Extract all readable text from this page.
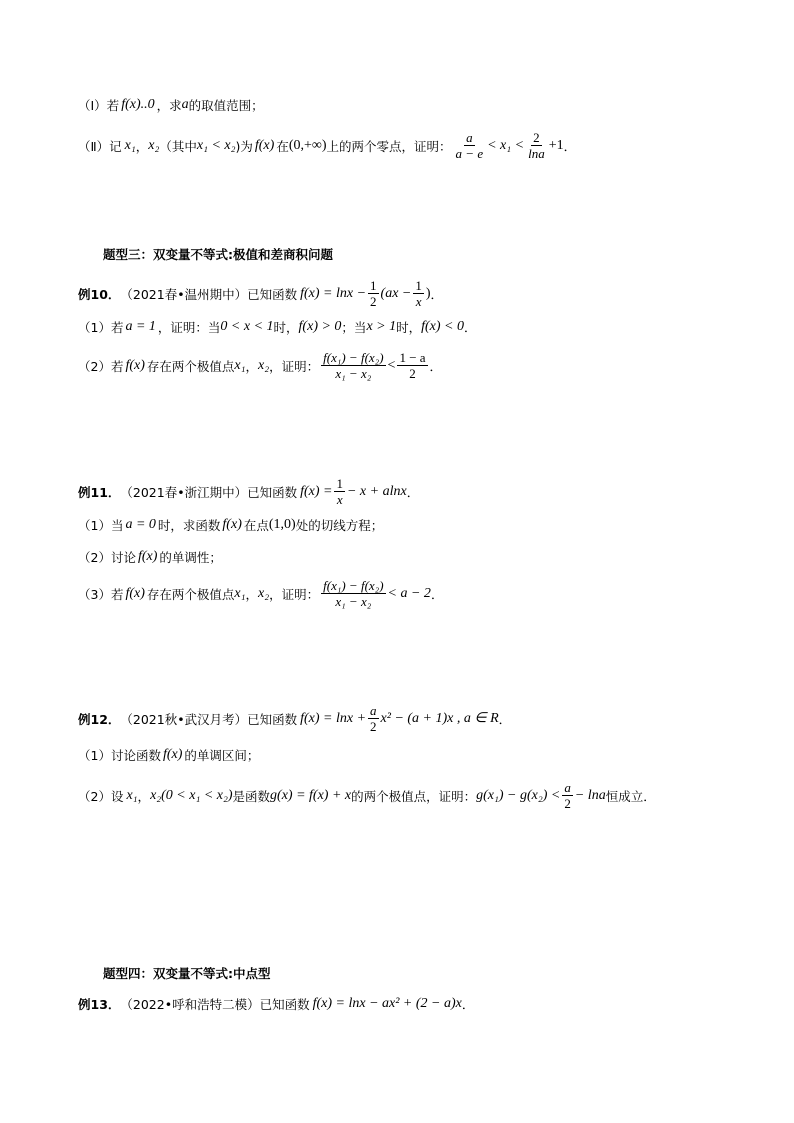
（Ⅰ）若 f(x)..0 ，求 a 的取值范围；
（Ⅱ）记 x₁ ， x₂ （其中 x₁ < x₂ )为 f(x) 在 (0,+∞) 上的两个零点，证明： $\frac{a}{a - e} < x_1 < \frac{2}{\ln a} +1$ ．
题型三：双变量不等式:极值和差商积问题
例10． （2021春•温州期中）已知函数 $f(x) = \ln x - \frac{1}{2} (ax - \frac{1}{x}$ ) ．
（1）若 a = 1 ，证明：当 0 < x < 1 时， f(x) > 0 ；当 x > 1 时， f(x) < 0 ．
（2）若 f(x) 存在两个极值点 x₁ ， x₂ ，证明： $\frac{\text{f(x₁) − f(x₂)}}{\text{x₁ − x₂}} < \frac{1 - a}{2}$ ．
例11． （2021春•浙江期中）已知函数 $f(x) = \frac{1}{x} - x + alnx$ ．
（1）当 a = 0 时，求函数 f(x) 在点 (1,0) 处的切线方程；
（2）讨论 f(x) 的单调性；
（3）若 f(x) 存在两个极值点 x₁ ， x₂ ，证明： $\frac{\text{f(x₁) − f(x₂)}}{\text{x₁ − x₂}} < a - 2$ ．
例12． （2021秋•武汉月考）已知函数 $f(x) = \ln x + \frac{a}{2} x^2 - (a + 1)x$ , a ∈ R ．
（1）讨论函数 f(x) 的单调区间；
（2）设 x₁ ， x₂(0 < x₁ < x₂) 是函数 g(x) = f(x) + x 的两个极值点，证明： $g(x_1) - g(x_2) < \frac{a}{2} - \ln a$ 恒成立 ．
题型四：双变量不等式:中点型
例13． （2022•呼和浩特二模）已知函数 f(x) = lnx − ax² + (2 − a)x ．
